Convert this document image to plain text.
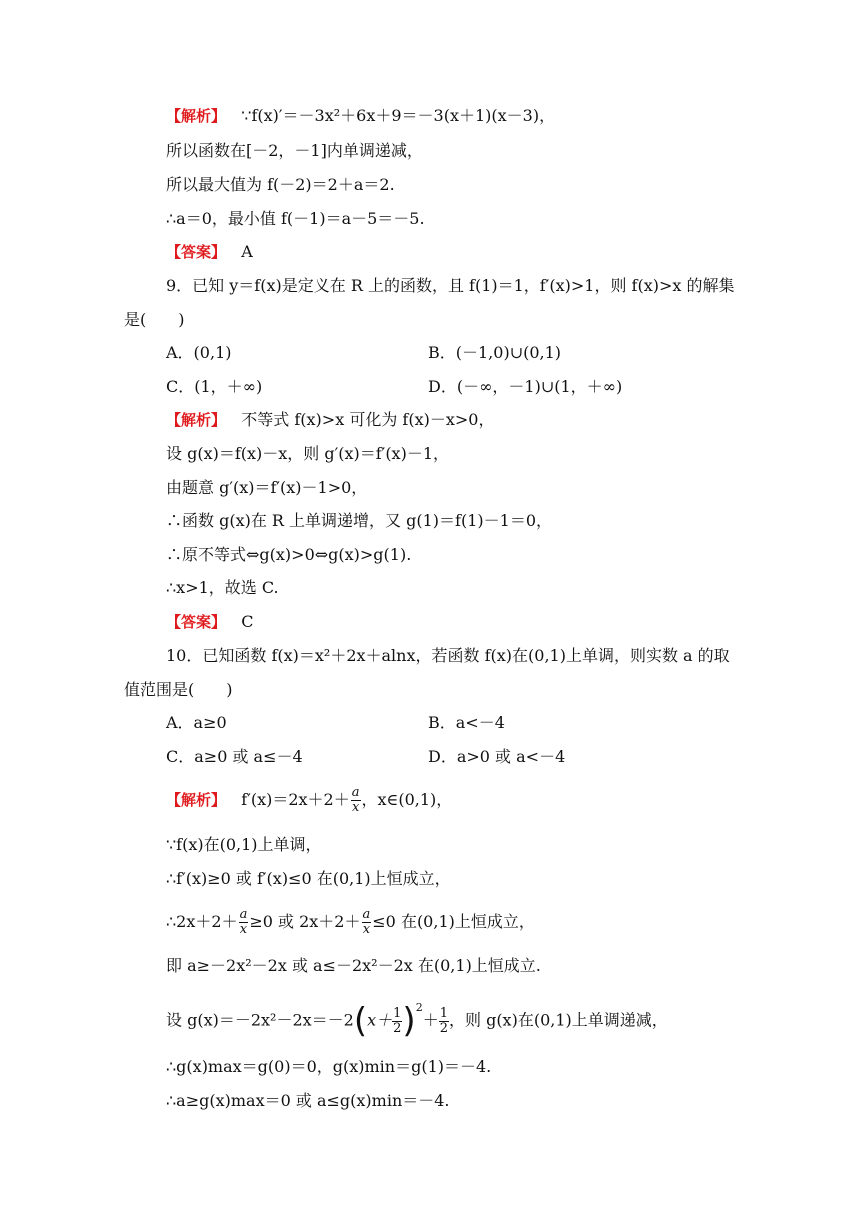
【解析】 ∵f(x)′＝－3x²＋6x＋9＝－3(x＋1)(x－3)，
所以函数在[－2，－1]内单调递减，
所以最大值为 f(－2)＝2＋a＝2.
∴a＝0，最小值 f(－1)＝a－5＝－5.
【答案】 A
9．已知 y＝f(x)是定义在 R 上的函数，且 f(1)＝1，f′(x)>1，则 f(x)>x 的解集
是(　　)
A．(0,1)	B．(－1,0)∪(0,1)
C．(1，＋∞)	D．(－∞，－1)∪(1，＋∞)
【解析】 不等式 f(x)>x 可化为 f(x)－x>0，
设 g(x)＝f(x)－x，则 g′(x)＝f′(x)－1，
由题意 g′(x)＝f′(x)－1>0，
∴函数 g(x)在 R 上单调递增，又 g(1)＝f(1)－1＝0，
∴原不等式⇔g(x)>0⇔g(x)>g(1).
∴x>1，故选 C.
【答案】 C
10．已知函数 f(x)＝x²＋2x＋alnx，若函数 f(x)在(0,1)上单调，则实数 a 的取
值范围是(　　)
A．a≥0	B．a<－4
C．a≥0 或 a≤－4	D．a>0 或 a<－4
【解析】 $f'(x)=2x+2+ \frac{a}{x}$ ，x∈(0,1)，
∵f(x)在(0,1)上单调，
∴f′(x)≥0 或 f′(x)≤0 在(0,1)上恒成立，
∴2x＋2＋ $\frac{a}{x} \ge 0$ 或 $2x+2+ \frac{a}{x} \le 0$ 在(0,1)上恒成立，
即 a≥－2x²－2x 或 a≤－2x²－2x 在(0,1)上恒成立.
设 $g(x)=-2x^2-2x=-2(x+ \frac{1}{2} )^2+ \frac{1}{2}$ ，则 g(x)在(0,1)上单调递减，
∴g(x)max＝g(0)＝0，g(x)min＝g(1)＝－4.
∴a≥g(x)max＝0 或 a≤g(x)min＝－4.
